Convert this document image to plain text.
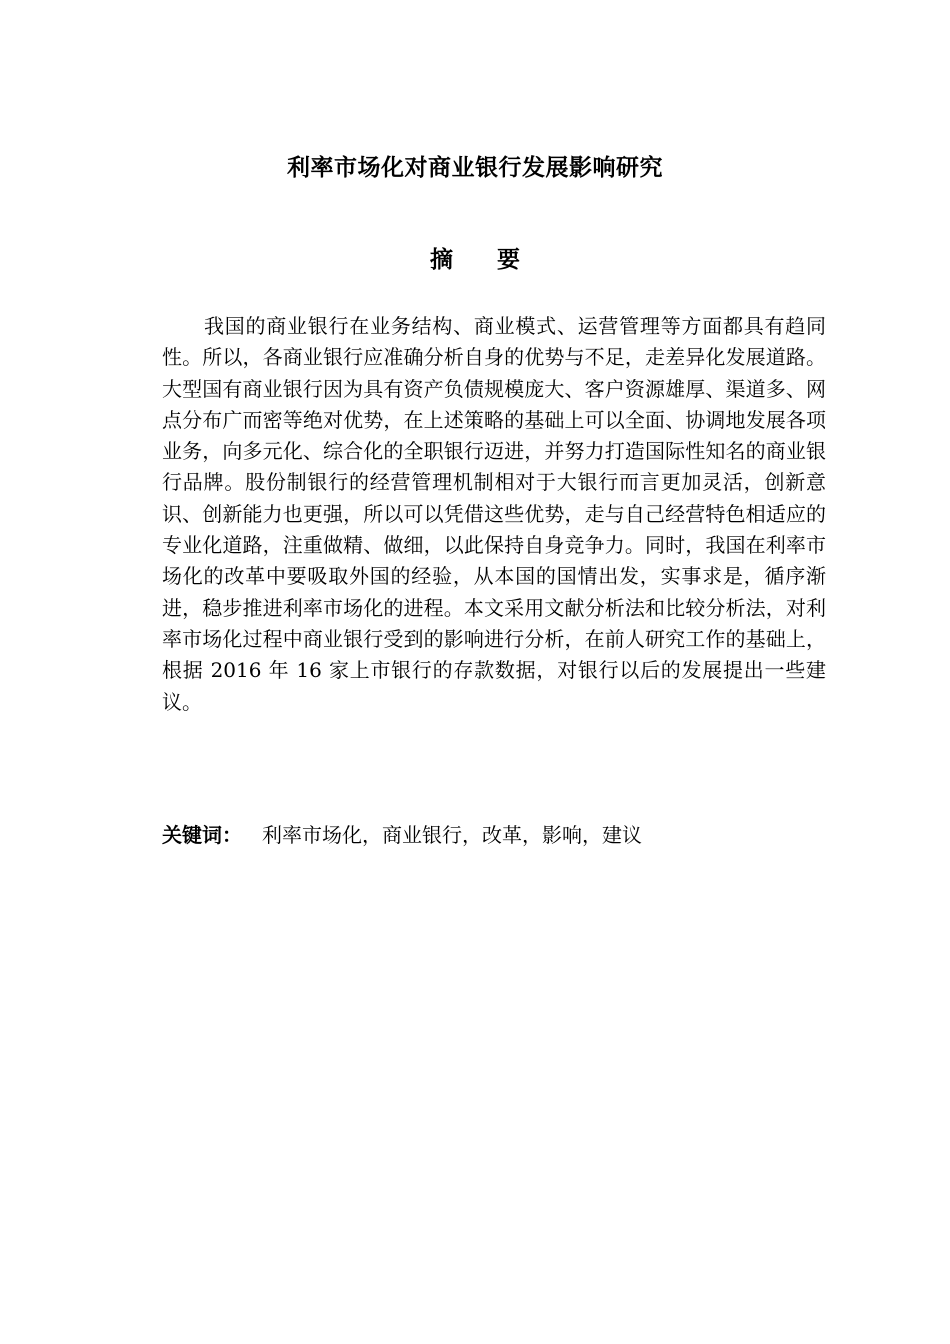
利率市场化对商业银行发展影响研究
摘要

我国的商业银行在业务结构、商业模式、运营管理等方面都具有趋同性。所以，各商业银行应准确分析自身的优势与不足，走差异化发展道路。大型国有商业银行因为具有资产负债规模庞大、客户资源雄厚、渠道多、网点分布广而密等绝对优势，在上述策略的基础上可以全面、协调地发展各项业务，向多元化、综合化的全职银行迈进，并努力打造国际性知名的商业银行品牌。股份制银行的经营管理机制相对于大银行而言更加灵活，创新意识、创新能力也更强，所以可以凭借这些优势，走与自己经营特色相适应的专业化道路，注重做精、做细，以此保持自身竞争力。同时，我国在利率市场化的改革中要吸取外国的经验，从本国的国情出发，实事求是，循序渐进，稳步推进利率市场化的进程。本文采用文献分析法和比较分析法，对利率市场化过程中商业银行受到的影响进行分析，在前人研究工作的基础上，根据 2016 年 16 家上市银行的存款数据，对银行以后的发展提出一些建议。

关键词： 利率市场化，商业银行，改革，影响，建议
